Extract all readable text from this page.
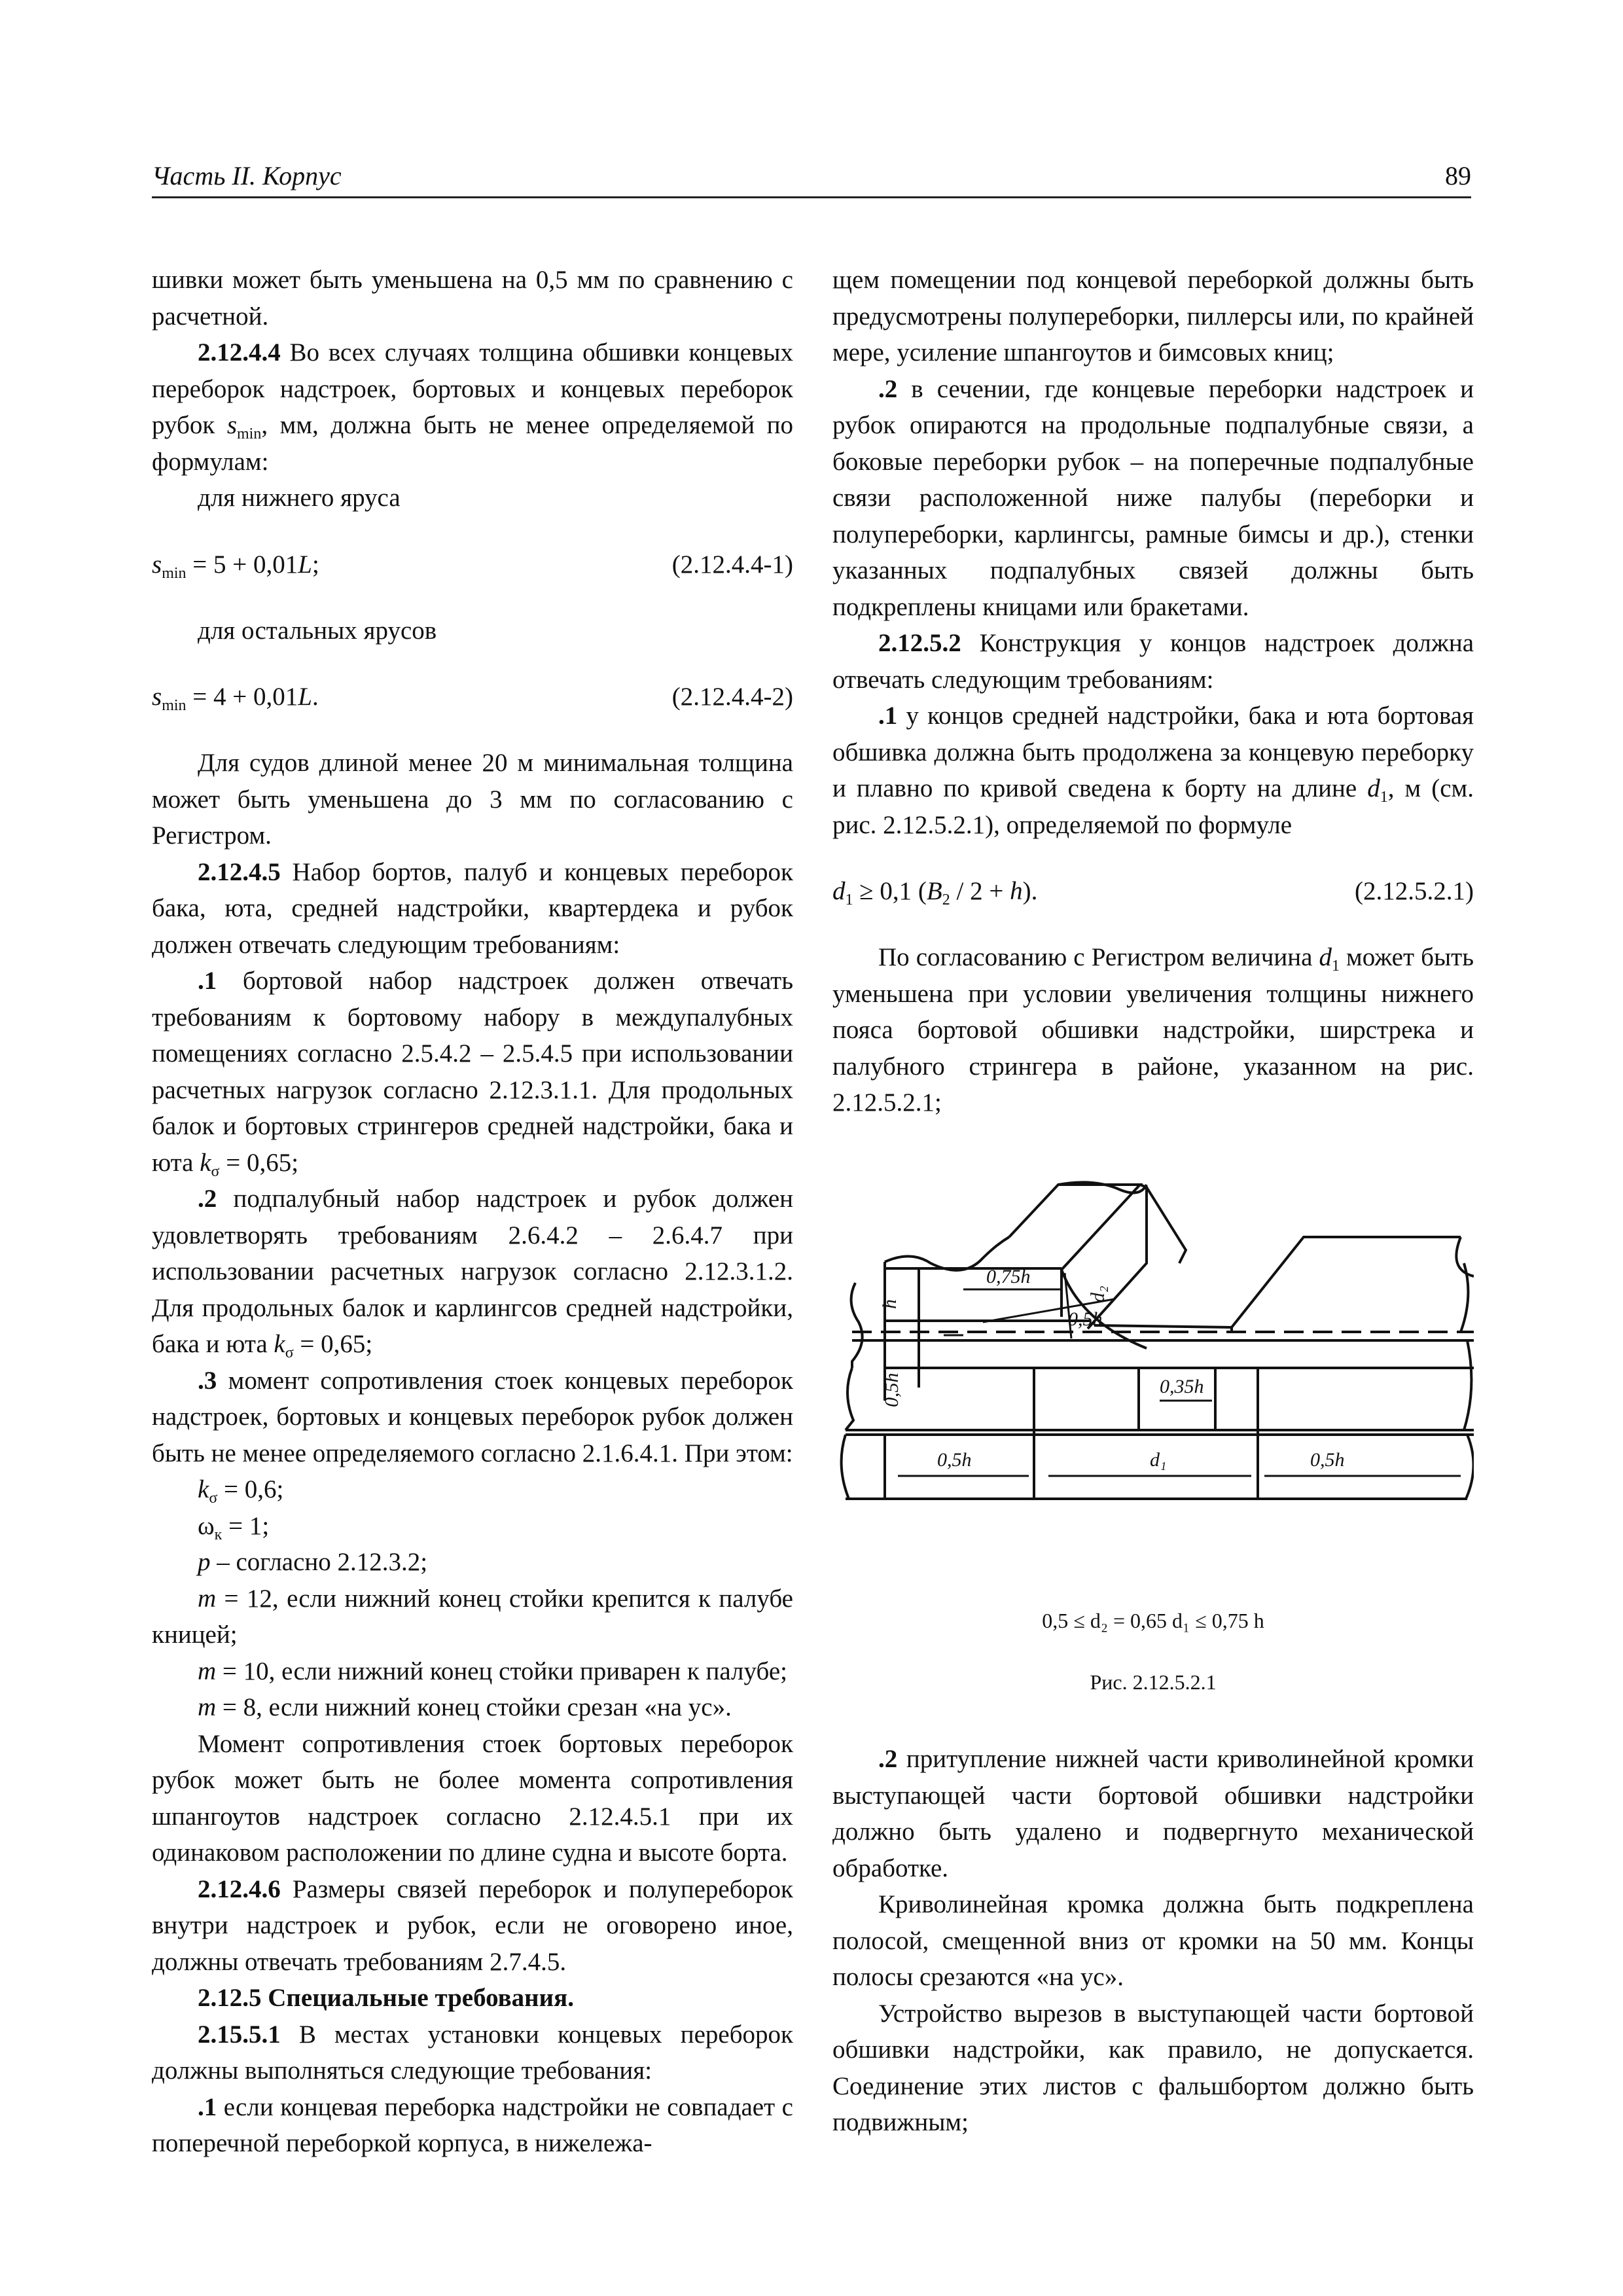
Часть II. Корпус	89

шивки может быть уменьшена на 0,5 мм по сравнению с расчетной.

2.12.4.4 Во всех случаях толщина обшивки концевых переборок надстроек, бортовых и концевых переборок рубок $s_{min}$, мм, должна быть не менее определяемой по формулам:

для нижнего яруса

$s_{min} = 5 + 0,01L$;	(2.12.4.4-1)

для остальных ярусов

$s_{min} = 4 + 0,01L$.	(2.12.4.4-2)

Для судов длиной менее 20 м минимальная толщина может быть уменьшена до 3 мм по согласованию с Регистром.

2.12.4.5 Набор бортов, палуб и концевых переборок бака, юта, средней надстройки, квартердека и рубок должен отвечать следующим требованиям:

.1 бортовой набор надстроек должен отвечать требованиям к бортовому набору в междупалубных помещениях согласно 2.5.4.2 – 2.5.4.5 при использовании расчетных нагрузок согласно 2.12.3.1.1. Для продольных балок и бортовых стрингеров средней надстройки, бака и юта $k_\sigma = 0,65$;

.2 подпалубный набор надстроек и рубок должен удовлетворять требованиям 2.6.4.2 – 2.6.4.7 при использовании расчетных нагрузок согласно 2.12.3.1.2. Для продольных балок и карлингсов средней надстройки, бака и юта $k_\sigma = 0,65$;

.3 момент сопротивления стоек концевых переборок надстроек, бортовых и концевых переборок рубок должен быть не менее определяемого согласно 2.1.6.4.1. При этом:

$k_\sigma = 0,6$;

$\omega_к = 1$;

p – согласно 2.12.3.2;

m = 12, если нижний конец стойки крепится к палубе кницей;

m = 10, если нижний конец стойки приварен к палубе;

m = 8, если нижний конец стойки срезан «на ус».

Момент сопротивления стоек бортовых переборок рубок может быть не более момента сопротивления шпангоутов надстроек согласно 2.12.4.5.1 при их одинаковом расположении по длине судна и высоте борта.

2.12.4.6 Размеры связей переборок и полупереборок внутри надстроек и рубок, если не оговорено иное, должны отвечать требованиям 2.7.4.5.

2.12.5 Специальные требования.

2.15.5.1 В местах установки концевых переборок должны выполняться следующие требования:

.1 если концевая переборка надстройки не совпадает с поперечной переборкой корпуса, в нижележа-

щем помещении под концевой переборкой должны быть предусмотрены полупереборки, пиллерсы или, по крайней мере, усиление шпангоутов и бимсовых книц;

.2 в сечении, где концевые переборки надстроек и рубок опираются на продольные подпалубные связи, а боковые переборки рубок – на поперечные подпалубные связи расположенной ниже палубы (переборки и полупереборки, карлингсы, рамные бимсы и др.), стенки указанных подпалубных связей должны быть подкреплены кницами или бракетами.

2.12.5.2 Конструкция у концов надстроек должна отвечать следующим требованиям:

.1 у концов средней надстройки, бака и юта бортовая обшивка должна быть продолжена за концевую переборку и плавно по кривой сведена к борту на длине $d_1$, м (см. рис. 2.12.5.2.1), определяемой по формуле

$d_1 \ge 0,1$ $(B_2 / 2 + h)$.	(2.12.5.2.1)

По согласованию с Регистром величина $d_1$ может быть уменьшена при условии увеличения толщины нижнего пояса бортовой обшивки надстройки, ширстрека и палубного стрингера в районе, указанном на рис. 2.12.5.2.1;

h
0,75h
d₂
0,5h
0,5h	0,35h
0,5h	d₁	0,5h
0,5 ≤ d₂ = 0,65 d₁ ≤ 0,75 h
Рис. 2.12.5.2.1

.2 притупление нижней части криволинейной кромки выступающей части бортовой обшивки надстройки должно быть удалено и подвергнуто механической обработке.

Криволинейная кромка должна быть подкреплена полосой, смещенной вниз от кромки на 50 мм. Концы полосы срезаются «на ус».

Устройство вырезов в выступающей части бортовой обшивки надстройки, как правило, не допускается. Соединение этих листов с фальшбортом должно быть подвижным;
